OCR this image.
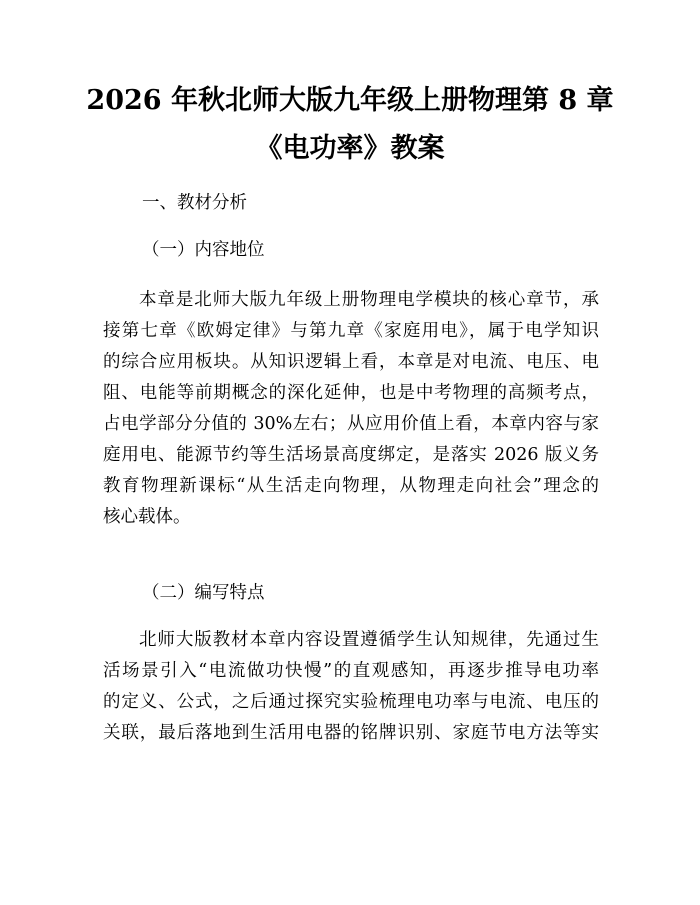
2026 年秋北师大版九年级上册物理第 8 章
《电功率》教案
一、教材分析
（一）内容地位
本章是北师大版九年级上册物理电学模块的核心章节，承
接第七章《欧姆定律》与第九章《家庭用电》，属于电学知识
的综合应用板块。从知识逻辑上看，本章是对电流、电压、电
阻、电能等前期概念的深化延伸，也是中考物理的高频考点，
占电学部分分值的 30%左右；从应用价值上看，本章内容与家
庭用电、能源节约等生活场景高度绑定，是落实 2026 版义务
教育物理新课标“从生活走向物理，从物理走向社会”理念的
核心载体。
（二）编写特点
北师大版教材本章内容设置遵循学生认知规律，先通过生
活场景引入“电流做功快慢”的直观感知，再逐步推导电功率
的定义、公式，之后通过探究实验梳理电功率与电流、电压的
关联，最后落地到生活用电器的铭牌识别、家庭节电方法等实
